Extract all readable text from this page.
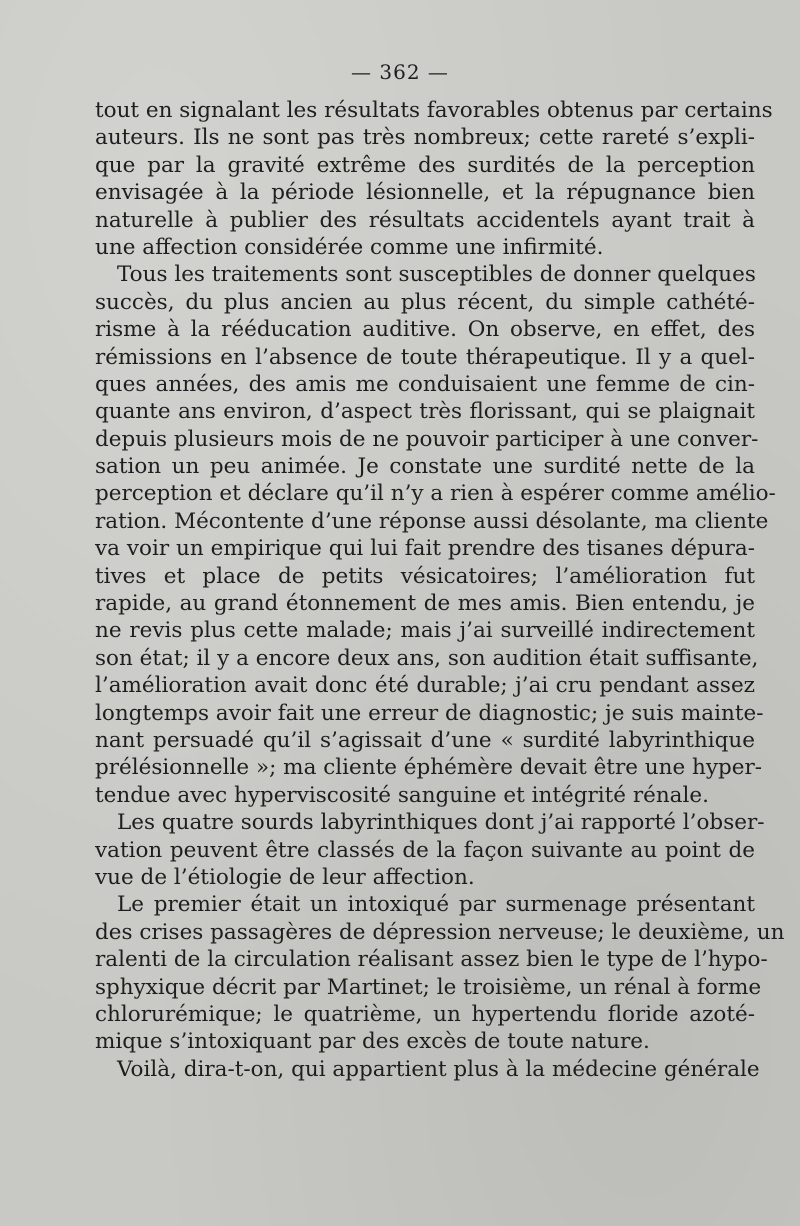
— 362 —
tout en signalant les résultats favorables obtenus par certains
auteurs. Ils ne sont pas très nombreux; cette rareté s’expli-
que par la gravité extrême des surdités de la perception
envisagée à la période lésionnelle, et la répugnance bien
naturelle à publier des résultats accidentels ayant trait à
une affection considérée comme une infirmité.
Tous les traitements sont susceptibles de donner quelques
succès, du plus ancien au plus récent, du simple cathété-
risme à la rééducation auditive. On observe, en effet, des
rémissions en l’absence de toute thérapeutique. Il y a quel-
ques années, des amis me conduisaient une femme de cin-
quante ans environ, d’aspect très florissant, qui se plaignait
depuis plusieurs mois de ne pouvoir participer à une conver-
sation un peu animée. Je constate une surdité nette de la
perception et déclare qu’il n’y a rien à espérer comme amélio-
ration. Mécontente d’une réponse aussi désolante, ma cliente
va voir un empirique qui lui fait prendre des tisanes dépura-
tives et place de petits vésicatoires; l’amélioration fut
rapide, au grand étonnement de mes amis. Bien entendu, je
ne revis plus cette malade; mais j’ai surveillé indirectement
son état; il y a encore deux ans, son audition était suffisante,
l’amélioration avait donc été durable; j’ai cru pendant assez
longtemps avoir fait une erreur de diagnostic; je suis mainte-
nant persuadé qu’il s’agissait d’une « surdité labyrinthique
prélésionnelle »; ma cliente éphémère devait être une hyper-
tendue avec hyperviscosité sanguine et intégrité rénale.
Les quatre sourds labyrinthiques dont j’ai rapporté l’obser-
vation peuvent être classés de la façon suivante au point de
vue de l’étiologie de leur affection.
Le premier était un intoxiqué par surmenage présentant
des crises passagères de dépression nerveuse; le deuxième, un
ralenti de la circulation réalisant assez bien le type de l’hypo-
sphyxique décrit par Martinet; le troisième, un rénal à forme
chlorurémique; le quatrième, un hypertendu floride azoté-
mique s’intoxiquant par des excès de toute nature.
Voilà, dira-t-on, qui appartient plus à la médecine générale
